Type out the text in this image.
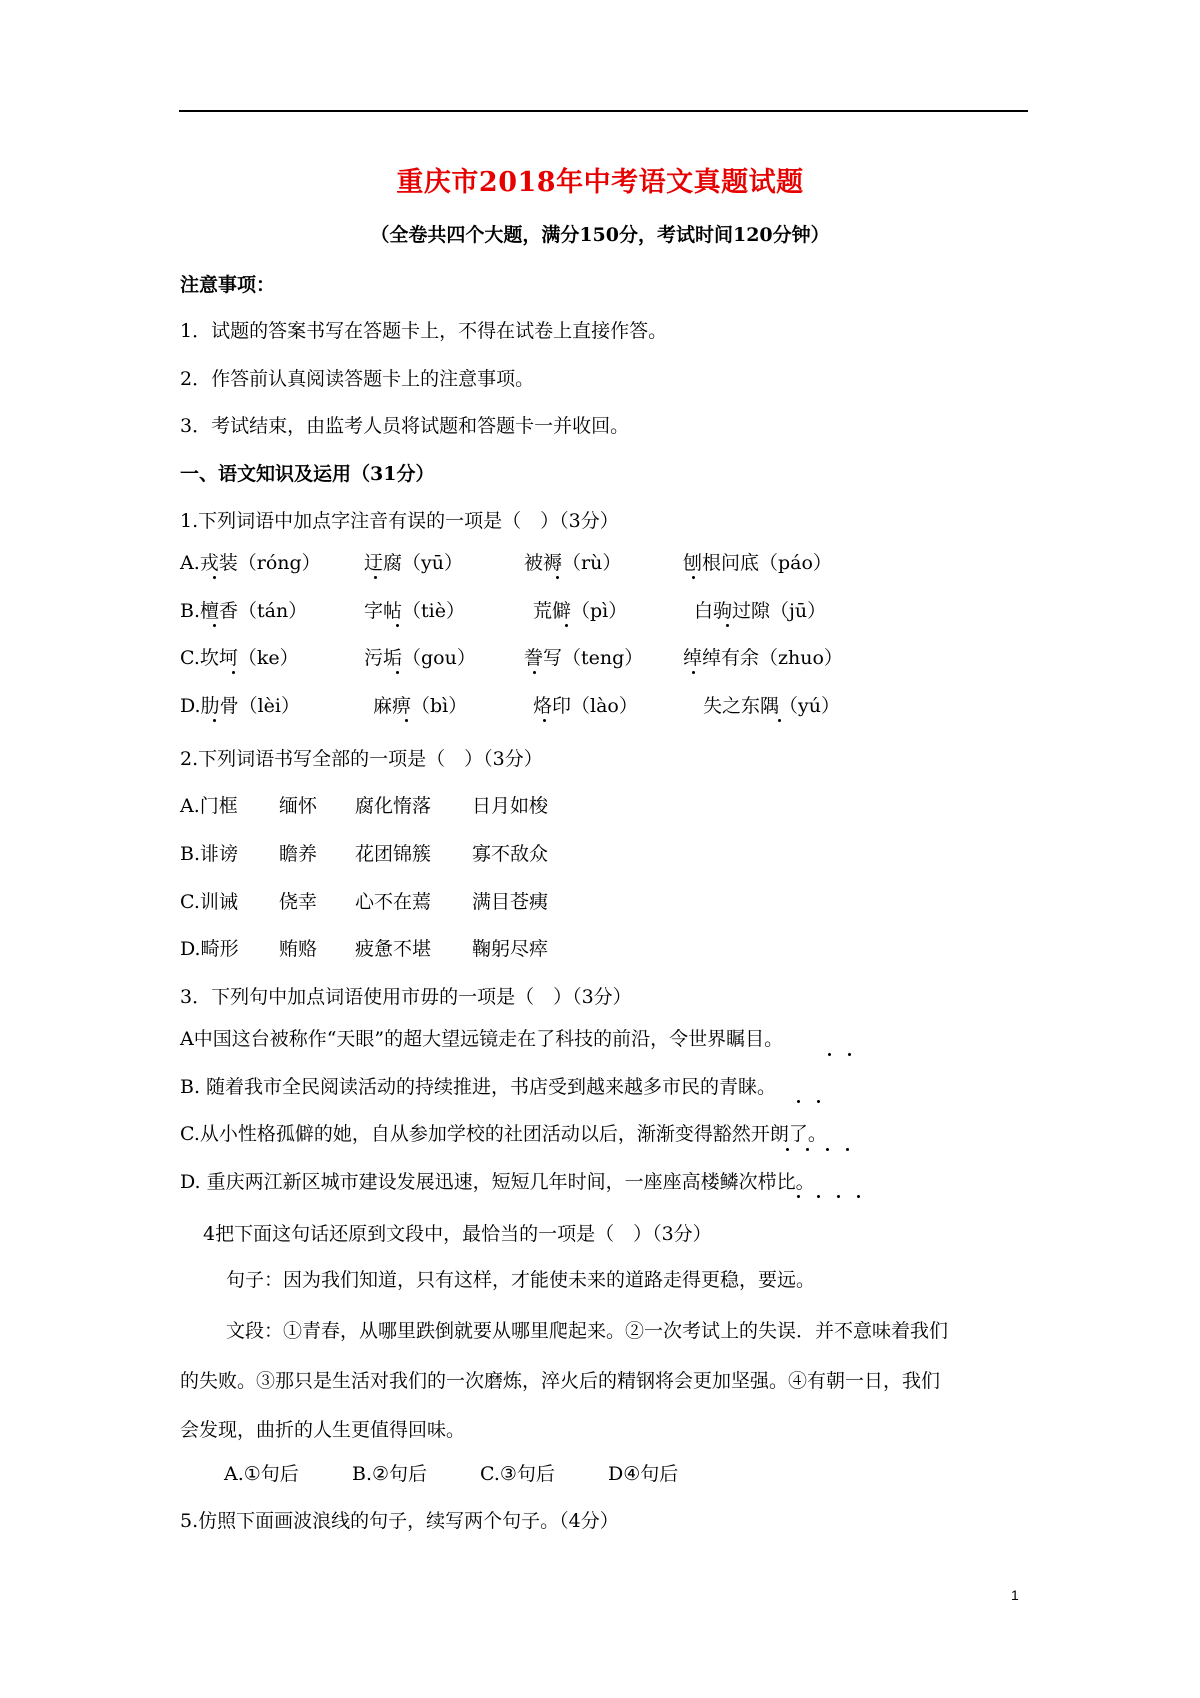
重庆市2018年中考语文真题试题
（全卷共四个大题，满分150分，考试时间120分钟）
注意事项：
1．试题的答案书写在答题卡上，不得在试卷上直接作答。
2．作答前认真阅读答题卡上的注意事项。
3．考试结束，由监考人员将试题和答题卡一并收回。
一、语文知识及运用（31分）
1.下列词语中加点字注音有误的一项是（　）（3分）
A.戎装（róng） 迂腐（yū）	被褥（rù）	刨根问底（páo）
B.檀香（tán）	字帖（tiè）	荒僻（pì）	白驹过隙（jū）
C.坎坷（ke）	污垢（gou）	誊写（teng） 绰绰有余（zhuo）
D.肋骨（lèi）	麻痹（bì）	烙印（lào）	失之东隅（yú）
2.下列词语书写全部的一项是（　）（3分）
A.门框 缅怀 腐化惰落 日月如梭
B.诽谤 瞻养 花团锦簇 寡不敌众
C.训诫 侥幸 心不在蔫 满目苍痍
D.畸形 贿赂 疲惫不堪 鞠躬尽瘁
3．下列句中加点词语使用市毋的一项是（　）（3分）
A中国这台被称作“天眼”的超大望远镜走在了科技的前沿，令世界瞩目。
B. 随着我市全民阅读活动的持续推进，书店受到越来越多市民的青睐。
C.从小性格孤僻的她，自从参加学校的社团活动以后，渐渐变得豁然开朗了。
D. 重庆两江新区城市建设发展迅速，短短几年时间，一座座高楼鳞次栉比。
4把下面这句话还原到文段中，最恰当的一项是（　）（3分）
句子：因为我们知道，只有这样，才能使未来的道路走得更稳，要远。
文段：①青春，从哪里跌倒就要从哪里爬起来。②一次考试上的失误．并不意味着我们
的失败。③那只是生活对我们的一次磨炼，淬火后的精钢将会更加坚强。④有朝一日，我们
会发现，曲折的人生更值得回味。
A.①句后	B.②句后	C.③句后	D④句后
5.仿照下面画波浪线的句子，续写两个句子。（4分）
1
